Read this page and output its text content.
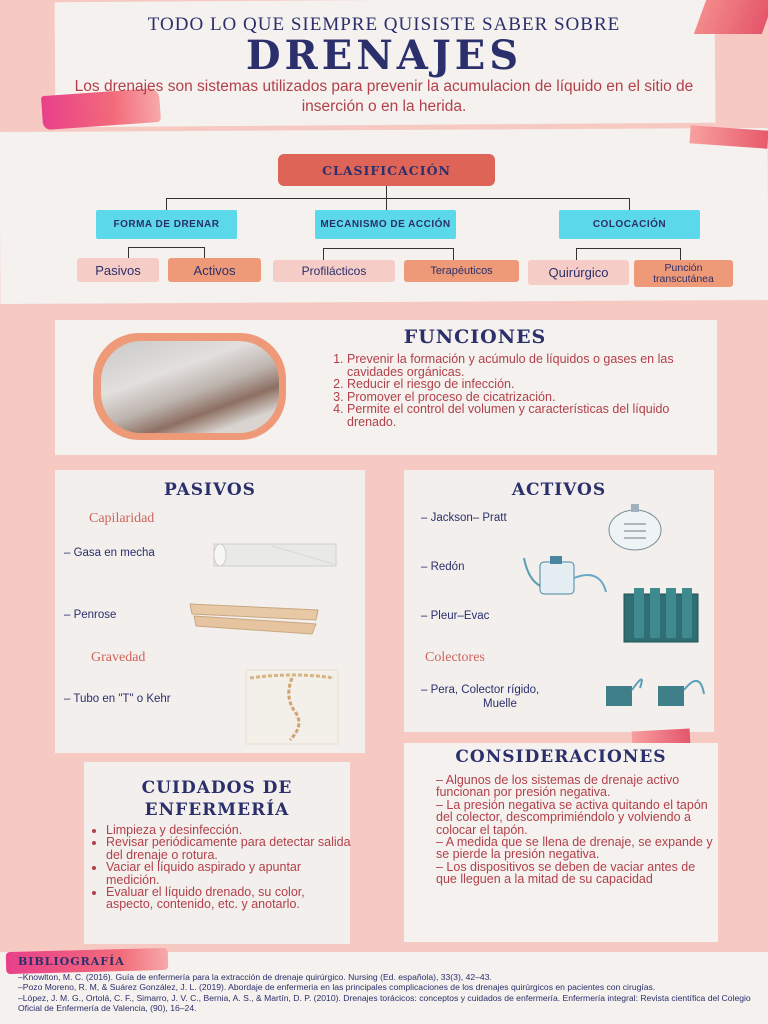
TODO LO QUE SIEMPRE QUISISTE SABER SOBRE
DRENAJES
Los drenajes son sistemas utilizados para prevenir la acumulacion de líquido en el sitio de inserción o en la herida.
CLASIFICACIÓN
FORMA DE DRENAR	MECANISMO DE ACCIÓN	COLOCACIÓN
Pasivos	Activos	Profilácticos	Terapéuticos	Quirúrgico	Punción transcutánea
FUNCIONES
1. Prevenir la formación y acúmulo de líquidos o gases en las cavidades orgánicas.
2. Reducir el riesgo de infección.
3. Promover el proceso de cicatrización.
4. Permite el control del volumen y características del líquido drenado.
PASIVOS
Capilaridad
– Gasa en mecha
– Penrose
Gravedad
– Tubo en "T" o Kehr
ACTIVOS
– Jackson– Pratt
– Redón
– Pleur–Evac
Colectores
– Pera, Colector rígido,
Muelle
CUIDADOS DE
ENFERMERÍA
• Limpieza y desinfección.
• Revisar periódicamente para detectar salida del drenaje o rotura.
• Vaciar el líquido aspirado y apuntar medición.
• Evaluar el líquido drenado, su color, aspecto, contenido, etc. y anotarlo.
CONSIDERACIONES
– Algunos de los sistemas de drenaje activo funcionan por presión negativa.
– La presión negativa se activa quitando el tapón del colector, descomprimiéndolo y volviendo a colocar el tapón.
– A medida que se llena de drenaje, se expande y se pierde la presión negativa.
– Los dispositivos se deben de vaciar antes de que lleguen a la mitad de su capacidad
BIBLIOGRAFÍA
–Knowlton, M. C. (2016). Guía de enfermería para la extracción de drenaje quirúrgico. Nursing (Ed. española), 33(3), 42–43.
–Pozo Moreno, R. M, & Suárez González, J. L. (2019). Abordaje de enfermeria en las principales complicaciones de los drenajes quirúrgicos en pacientes con cirugías.
–López, J. M. G., Ortolá, C. F., Simarro, J. V. C., Bernia, A. S., & Martín, D. P. (2010). Drenajes torácicos: conceptos y cuidados de enfermería. Enfermería integral: Revista científica del Colegio Oficial de Enfermería de Valencia, (90), 16–24.
